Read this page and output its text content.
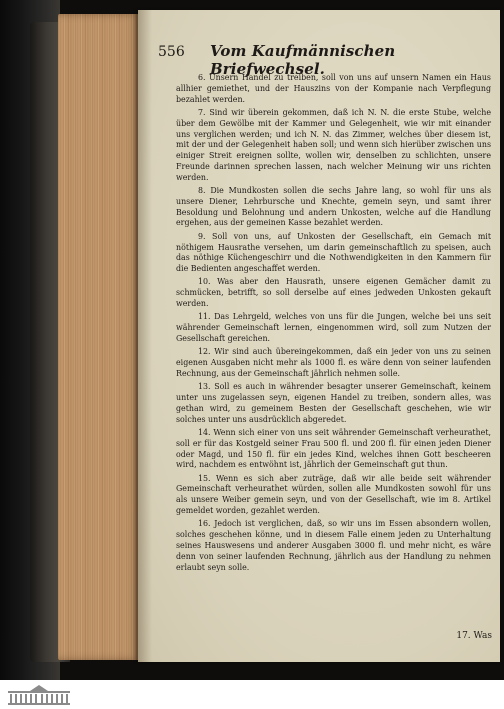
556 Vom Kaufmännischen Briefwechsel.

6. Unsern Handel zu treiben, soll von uns auf unsern Namen ein Haus allhier gemiethet, und der Hauszins von der Kompanie nach Verpflegung bezahlet werden.

7. Sind wir überein gekommen, daß ich N. N. die erste Stube, welche über dem Gewölbe mit der Kammer und Gelegenheit, wie wir mit einander uns verglichen werden; und ich N. N. das Zimmer, welches über diesem ist, mit der und der Gelegenheit haben soll; und wenn sich hierüber zwischen uns einiger Streit ereignen sollte, wollen wir, denselben zu schlichten, unsere Freunde darinnen sprechen lassen, nach welcher Meinung wir uns richten werden.

8. Die Mundkosten sollen die sechs Jahre lang, so wohl für uns als unsere Diener, Lehrbursche und Knechte, gemein seyn, und samt ihrer Besoldung und Belohnung und andern Unkosten, welche auf die Handlung ergehen, aus der gemeinen Kasse bezahlet werden.

9. Soll von uns, auf Unkosten der Gesellschaft, ein Gemach mit nöthigem Hausrathe versehen, um darin gemeinschaftlich zu speisen, auch das nöthige Küchengeschirr und die Nothwendigkeiten in den Kammern für die Bedienten angeschaffet werden.

10. Was aber den Hausrath, unsere eigenen Gemächer damit zu schmücken, betrifft, so soll derselbe auf eines jedweden Unkosten gekauft werden.

11. Das Lehrgeld, welches von uns für die Jungen, welche bei uns seit währender Gemeinschaft lernen, eingenommen wird, soll zum Nutzen der Gesellschaft gereichen.

12. Wir sind auch übereingekommen, daß ein jeder von uns zu seinen eigenen Ausgaben nicht mehr als 1000 fl. es wäre denn von seiner laufenden Rechnung, aus der Gemeinschaft jährlich nehmen solle.

13. Soll es auch in währender besagter unserer Gemeinschaft, keinem unter uns zugelassen seyn, eigenen Handel zu treiben, sondern alles, was gethan wird, zu gemeinem Besten der Gesellschaft geschehen, wie wir solches unter uns ausdrücklich abgeredet.

14. Wenn sich einer von uns seit währender Gemeinschaft verheurathet, soll er für das Kostgeld seiner Frau 500 fl. und 200 fl. für einen jeden Diener oder Magd, und 150 fl. für ein jedes Kind, welches ihnen Gott bescheeren wird, nachdem es entwöhnt ist, jährlich der Gemeinschaft gut thun.

15. Wenn es sich aber zuträge, daß wir alle beide seit währender Gemeinschaft verheurathet würden, sollen alle Mundkosten sowohl für uns als unsere Weiber gemein seyn, und von der Gesellschaft, wie im 8. Artikel gemeldet worden, gezahlet werden.

16. Jedoch ist verglichen, daß, so wir uns im Essen absondern wollen, solches geschehen könne, und in diesem Falle einem jeden zu Unterhaltung seines Hauswesens und anderer Ausgaben 3000 fl. und mehr nicht, es wäre denn von seiner laufenden Rechnung, jährlich aus der Handlung zu nehmen erlaubt seyn solle.

17. Was
